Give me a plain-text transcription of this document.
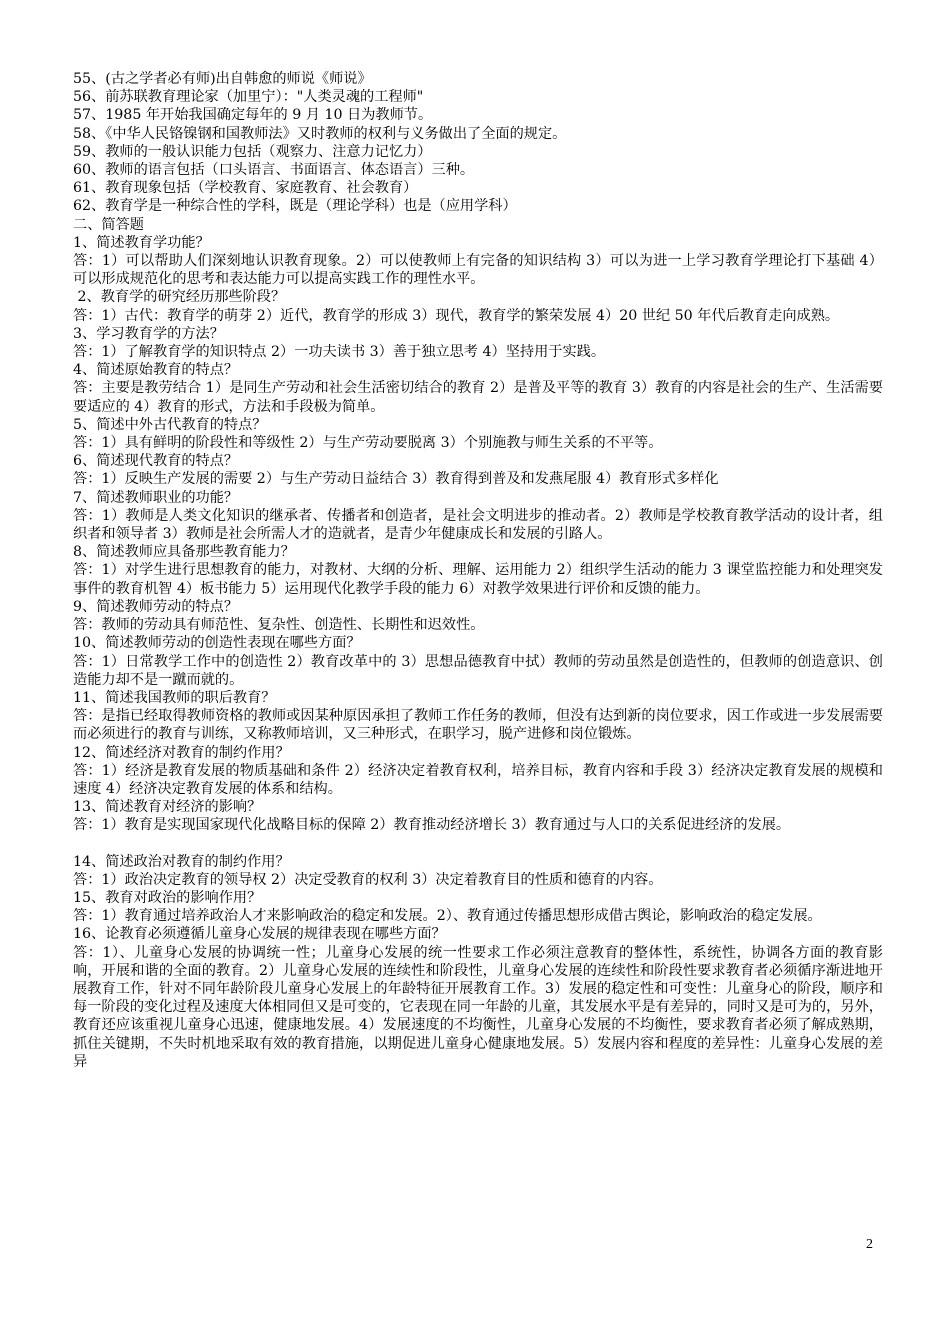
55、(古之学者必有师)出自韩愈的师说《师说》
56、前苏联教育理论家（加里宁）："人类灵魂的工程师"
57、1985 年开始我国确定每年的 9 月 10 日为教师节。
58、《中华人民铬镍钢和国教师法》又时教师的权利与义务做出了全面的规定。
59、教师的一般认识能力包括（观察力、注意力记忆力）
60、教师的语言包括（口头语言、书面语言、体态语言）三种。
61、教育现象包括（学校教育、家庭教育、社会教育）
62、教育学是一种综合性的学科，既是（理论学科）也是（应用学科）
二、简答题
1、简述教育学功能？
答：1）可以帮助人们深刻地认识教育现象。2）可以使教师上有完备的知识结构 3）可以为进一上学习教育学理论打下基础 4）可以形成规范化的思考和表达能力可以提高实践工作的理性水平。
2、教育学的研究经历那些阶段？
答：1）古代：教育学的萌芽 2）近代，教育学的形成 3）现代，教育学的繁荣发展 4）20 世纪 50 年代后教育走向成熟。
3、学习教育学的方法？
答：1）了解教育学的知识特点 2）一功夫读书 3）善于独立思考 4）坚持用于实践。
4、简述原始教育的特点？
答：主要是教劳结合 1）是同生产劳动和社会生活密切结合的教育 2）是普及平等的教育 3）教育的内容是社会的生产、生活需要要适应的 4）教育的形式，方法和手段极为简单。
5、简述中外古代教育的特点？
答：1）具有鲜明的阶段性和等级性 2）与生产劳动要脱离 3）个别施教与师生关系的不平等。
6、简述现代教育的特点？
答：1）反映生产发展的需要 2）与生产劳动日益结合 3）教育得到普及和发燕尾服 4）教育形式多样化
7、简述教师职业的功能？
答：1）教师是人类文化知识的继承者、传播者和创造者，是社会文明进步的推动者。2）教师是学校教育教学活动的设计者，组织者和领导者 3）教师是社会所需人才的造就者，是青少年健康成长和发展的引路人。
8、简述教师应具备那些教育能力？
答：1）对学生进行思想教育的能力，对教材、大纲的分析、理解、运用能力 2）组织学生活动的能力 3 课堂监控能力和处理突发事件的教育机智 4）板书能力 5）运用现代化教学手段的能力 6）对教学效果进行评价和反馈的能力。
9、简述教师劳动的特点？
答：教师的劳动具有师范性、复杂性、创造性、长期性和迟效性。
10、简述教师劳动的创造性表现在哪些方面？
答：1）日常教学工作中的创造性 2）教育改革中的 3）思想品德教育中拭）教师的劳动虽然是创造性的，但教师的创造意识、创造能力却不是一蹴而就的。
11、简述我国教师的职后教育？
答：是指已经取得教师资格的教师或因某种原因承担了教师工作任务的教师，但没有达到新的岗位要求，因工作或进一步发展需要而必须进行的教育与训练，又称教师培训，又三种形式，在职学习，脱产进修和岗位锻炼。
12、简述经济对教育的制约作用？
答：1）经济是教育发展的物质基础和条件 2）经济决定着教育权利，培养目标，教育内容和手段 3）经济决定教育发展的规模和速度 4）经济决定教育发展的体系和结构。
13、简述教育对经济的影响？
答：1）教育是实现国家现代化战略目标的保障 2）教育推动经济增长 3）教育通过与人口的关系促进经济的发展。
14、简述政治对教育的制约作用？
答：1）政治决定教育的领导权 2）决定受教育的权利 3）决定着教育目的性质和德育的内容。
15、教育对政治的影响作用？
答：1）教育通过培养政治人才来影响政治的稳定和发展。2）、教育通过传播思想形成借古舆论，影响政治的稳定发展。
16、论教育必须遵循儿童身心发展的规律表现在哪些方面？
答：1）、儿童身心发展的协调统一性；儿童身心发展的统一性要求工作必须注意教育的整体性，系统性，协调各方面的教育影响，开展和谐的全面的教育。2）儿童身心发展的连续性和阶段性，儿童身心发展的连续性和阶段性要求教育者必须循序渐进地开展教育工作，针对不同年龄阶段儿童身心发展上的年龄特征开展教育工作。3）发展的稳定性和可变性：儿童身心的阶段，顺序和每一阶段的变化过程及速度大体相同但又是可变的，它表现在同一年龄的儿童，其发展水平是有差异的，同时又是可为的，另外，教育还应该重视儿童身心迅速，健康地发展。4）发展速度的不均衡性，儿童身心发展的不均衡性，要求教育者必须了解成熟期，抓住关键期，不失时机地采取有效的教育措施，以期促进儿童身心健康地发展。5）发展内容和程度的差异性：儿童身心发展的差异
2
